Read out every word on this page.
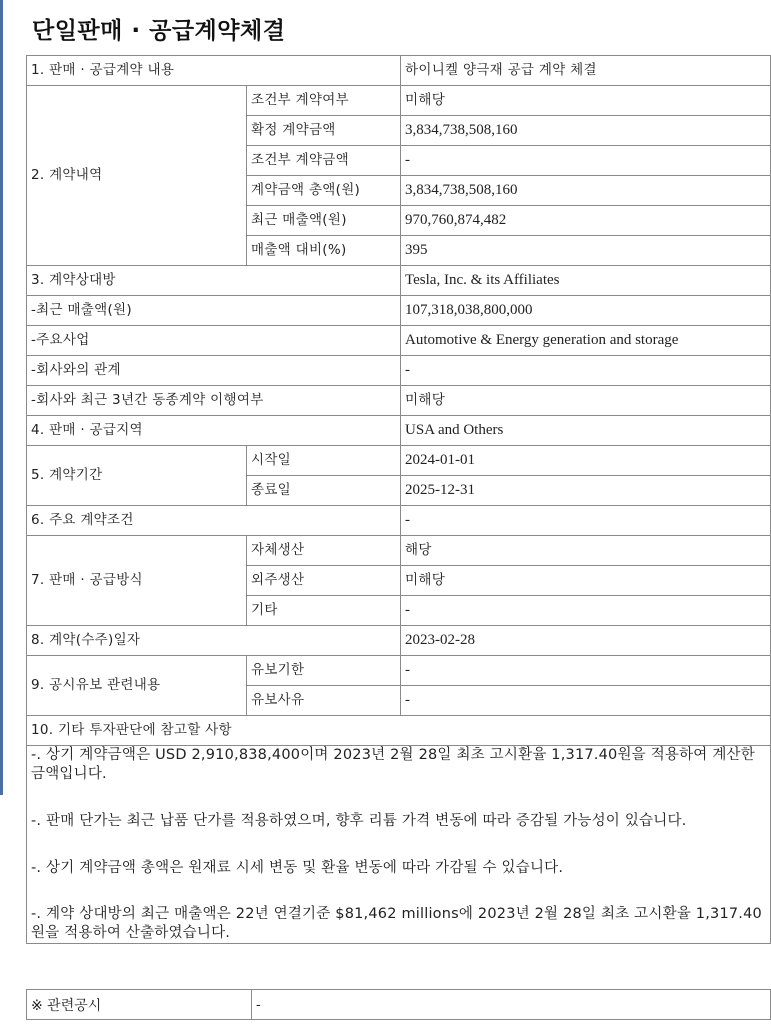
단일판매 · 공급계약체결
1. 판매 · 공급계약 내용		하이니켈 양극재 공급 계약 체결
2. 계약내역	조건부 계약여부	미해당
	확정 계약금액	3,834,738,508,160
	조건부 계약금액	-
	계약금액 총액(원)	3,834,738,508,160
	최근 매출액(원)	970,760,874,482
	매출액 대비(%)	395
3. 계약상대방		Tesla, Inc. & its Affiliates
-최근 매출액(원)		107,318,038,800,000
-주요사업		Automotive & Energy generation and storage
-회사와의 관계		-
-회사와 최근 3년간 동종계약 이행여부		미해당
4. 판매 · 공급지역		USA and Others
5. 계약기간	시작일	2024-01-01
	종료일	2025-12-31
6. 주요 계약조건		-
7. 판매 · 공급방식	자체생산	해당
	외주생산	미해당
	기타	-
8. 계약(수주)일자		2023-02-28
9. 공시유보 관련내용	유보기한	-
	유보사유	-
10. 기타 투자판단에 참고할 사항		

-. 상기 계약금액은 USD 2,910,838,400이며 2023년 2월 28일 최초 고시환율 1,317.40원을 적용하여 계산한 금액입니다.
-. 판매 단가는 최근 납품 단가를 적용하였으며, 향후 리튬 가격 변동에 따라 증감될 가능성이 있습니다.
-. 상기 계약금액 총액은 원재료 시세 변동 및 환율 변동에 따라 가감될 수 있습니다.
-. 계약 상대방의 최근 매출액은 22년 연결기준 $81,462 millions에 2023년 2월 28일 최초 고시환율 1,317.40원을 적용하여 산출하였습니다.		
※ 관련공시	-
